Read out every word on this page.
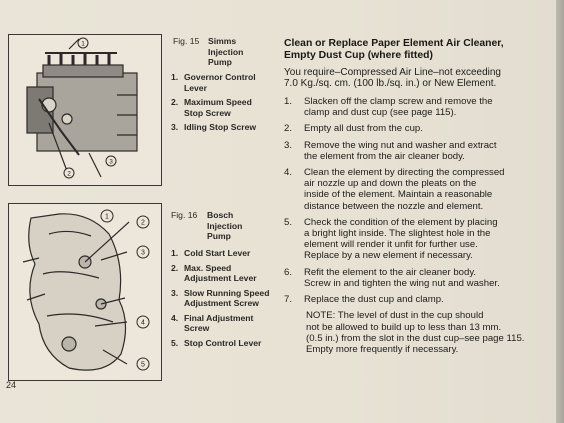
1
2
3
Fig. 15 Simms
Injection
Pump
1. Governor Control
Lever
2. Maximum Speed
Stop Screw
3. Idling Stop Screw
1
2
3
4
5
Fig. 16 Bosch
Injection
Pump
1. Cold Start Lever
2. Max. Speed
Adjustment Lever
3. Slow Running Speed
Adjustment Screw
4. Final Adjustment
Screw
5. Stop Control Lever
Clean or Replace Paper Element Air Cleaner,
Empty Dust Cup (where fitted)
You require–Compressed Air Line–not exceeding
7.0 Kg./sq. cm. (100 lb./sq. in.) or New Element.
1.	Slacken off the clamp screw and remove the
clamp and dust cup (see page 115).
2.	Empty all dust from the cup.
3.	Remove the wing nut and washer and extract
the element from the air cleaner body.
4.	Clean the element by directing the compressed
air nozzle up and down the pleats on the
inside of the element. Maintain a reasonable
distance between the nozzle and element.
5.	Check the condition of the element by placing
a bright light inside. The slightest hole in the
element will render it unfit for further use.
Replace by a new element if necessary.
6.	Refit the element to the air cleaner body.
Screw in and tighten the wing nut and washer.
7.	Replace the dust cup and clamp.
NOTE: The level of dust in the cup should
not be allowed to build up to less than 13 mm.
(0.5 in.) from the slot in the dust cup–see page 115.
Empty more frequently if necessary.
24
